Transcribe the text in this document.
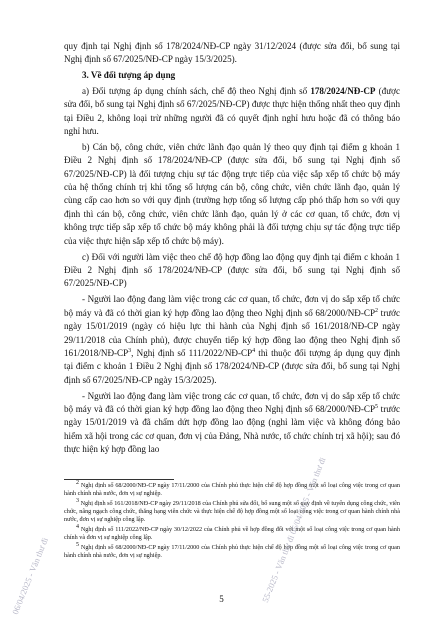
quy định tại Nghị định số 178/2024/NĐ-CP ngày 31/12/2024 (được sửa đổi, bổ sung tại Nghị định số 67/2025/NĐ-CP ngày 15/3/2025).

3. Về đối tượng áp dụng

a) Đối tượng áp dụng chính sách, chế độ theo Nghị định số 178/2024/NĐ-CP (được sửa đổi, bổ sung tại Nghị định số 67/2025/NĐ-CP) được thực hiện thống nhất theo quy định tại Điều 2, không loại trừ những người đã có quyết định nghỉ hưu hoặc đã có thông báo nghỉ hưu.

b) Cán bộ, công chức, viên chức lãnh đạo quản lý theo quy định tại điểm g khoản 1 Điều 2 Nghị định số 178/2024/NĐ-CP (được sửa đổi, bổ sung tại Nghị định số 67/2025/NĐ-CP) là đối tượng chịu sự tác động trực tiếp của việc sắp xếp tổ chức bộ máy của hệ thống chính trị khi tổng số lượng cán bộ, công chức, viên chức lãnh đạo, quản lý cùng cấp cao hơn so với quy định (trường hợp tổng số lượng cấp phó thấp hơn so với quy định thì cán bộ, công chức, viên chức lãnh đạo, quản lý ở các cơ quan, tổ chức, đơn vị không trực tiếp sắp xếp tổ chức bộ máy không phải là đối tượng chịu sự tác động trực tiếp của việc thực hiện sắp xếp tổ chức bộ máy).

c) Đối với người làm việc theo chế độ hợp đồng lao động quy định tại điểm c khoản 1 Điều 2 Nghị định số 178/2024/NĐ-CP (được sửa đổi, bổ sung tại Nghị định số 67/2025/NĐ-CP)

- Người lao động đang làm việc trong các cơ quan, tổ chức, đơn vị do sắp xếp tổ chức bộ máy và đã có thời gian ký hợp đồng lao động theo Nghị định số $68/2000/NĐ-CP^2$ trước ngày 15/01/2019 (ngày có hiệu lực thi hành của Nghị định số 161/2018/NĐ-CP ngày 29/11/2018 của Chính phủ), được chuyển tiếp ký hợp đồng lao động theo Nghị định số $161/2018/NĐ-CP^3$, Nghị định số $111/2022/NĐ-CP^4$ thì thuộc đối tượng áp dụng quy định tại điểm c khoản 1 Điều 2 Nghị định số 178/2024/NĐ-CP (được sửa đổi, bổ sung tại Nghị định số 67/2025/NĐ-CP ngày 15/3/2025).

- Người lao động đang làm việc trong các cơ quan, tổ chức, đơn vị do sắp xếp tổ chức bộ máy và đã có thời gian ký hợp đồng lao động theo Nghị định số $68/2000/NĐ-CP^5$ trước ngày 15/01/2019 và đã chấm dứt hợp đồng lao động (nghỉ làm việc và không đóng bảo hiểm xã hội trong các cơ quan, đơn vị của Đảng, Nhà nước, tổ chức chính trị xã hội); sau đó thực hiện ký hợp đồng lao

$^2$ Nghị định số 68/2000/NĐ-CP ngày 17/11/2000 của Chính phủ thực hiện chế độ hợp đồng một số loại công việc trong cơ quan hành chính nhà nước, đơn vị sự nghiệp.

$^3$ Nghị định số 161/2018/NĐ-CP ngày 29/11/2018 của Chính phủ sửa đổi, bổ sung một số quy định về tuyển dụng công chức, viên chức, nâng ngạch công chức, thăng hạng viên chức và thực hiện chế độ hợp đồng một số loại công việc trong cơ quan hành chính nhà nước, đơn vị sự nghiệp công lập.

$^4$ Nghị định số 111/2022/NĐ-CP ngày 30/12/2022 của Chính phủ về hợp đồng đối với một số loại công việc trong cơ quan hành chính và đơn vị sự nghiệp công lập.

$^5$ Nghị định số 68/2000/NĐ-CP ngày 17/11/2000 của Chính phủ thực hiện chế độ hợp đồng một số loại công việc trong cơ quan hành chính nhà nước, đơn vị sự nghiệp.

5	55-2025 - Văn thư đi 05/04/2025 - Văn thư đi
06/04/2025 - Văn thư đi
